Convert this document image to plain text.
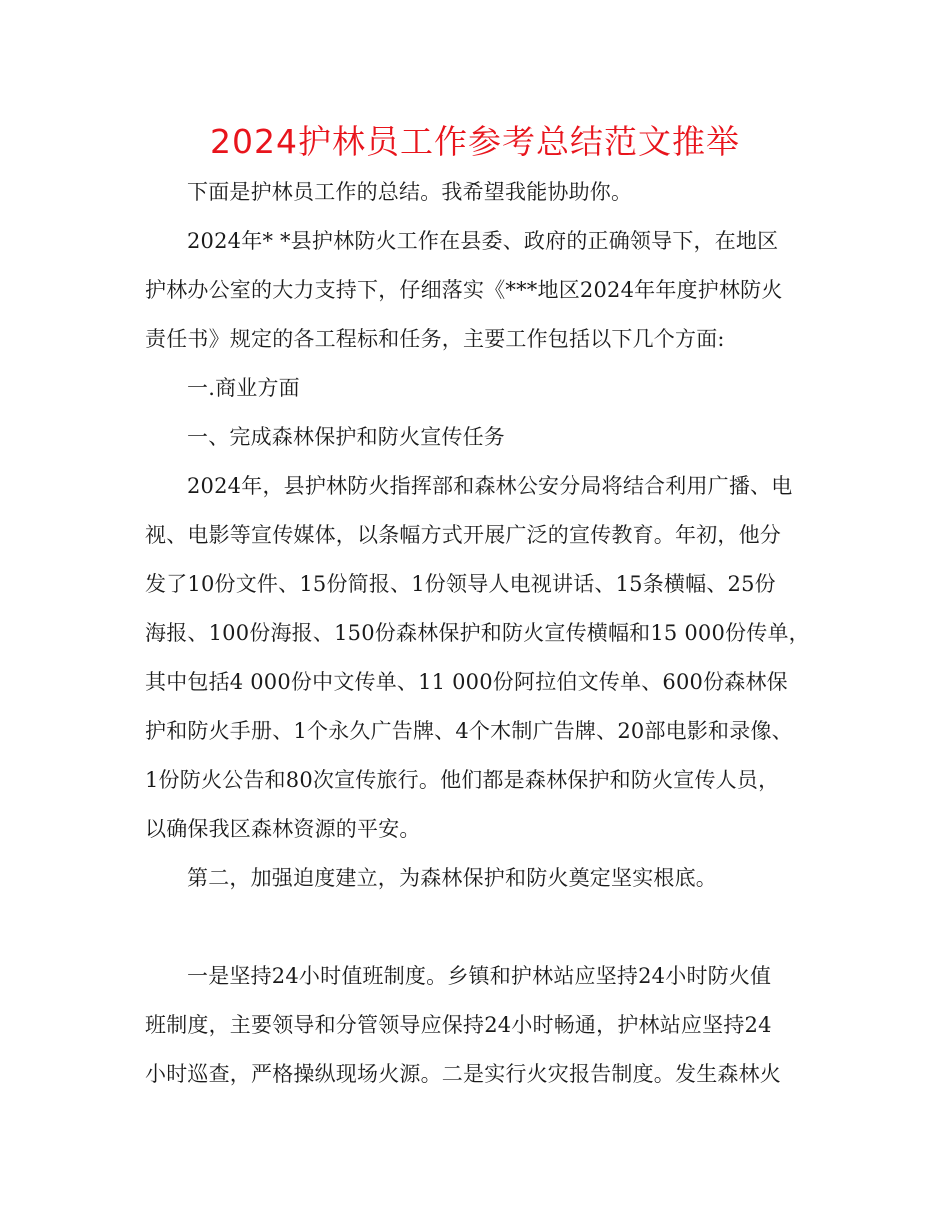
2024护林员工作参考总结范文推举
下面是护林员工作的总结。我希望我能协助你。
2024年* *县护林防火工作在县委、政府的正确领导下，在地区
护林办公室的大力支持下，仔细落实《***地区2024年年度护林防火
责任书》规定的各工程标和任务，主要工作包括以下几个方面:
一.商业方面
一、完成森林保护和防火宣传任务
2024年，县护林防火指挥部和森林公安分局将结合利用广播、电
视、电影等宣传媒体，以条幅方式开展广泛的宣传教育。年初，他分
发了10份文件、15份简报、1份领导人电视讲话、15条横幅、25份
海报、100份海报、150份森林保护和防火宣传横幅和15 000份传单，
其中包括4 000份中文传单、11 000份阿拉伯文传单、600份森林保
护和防火手册、1个永久广告牌、4个木制广告牌、20部电影和录像、
1份防火公告和80次宣传旅行。他们都是森林保护和防火宣传人员，
以确保我区森林资源的平安。
第二，加强迫度建立，为森林保护和防火奠定坚实根底。
一是坚持24小时值班制度。乡镇和护林站应坚持24小时防火值
班制度，主要领导和分管领导应保持24小时畅通，护林站应坚持24
小时巡查，严格操纵现场火源。二是实行火灾报告制度。发生森林火
